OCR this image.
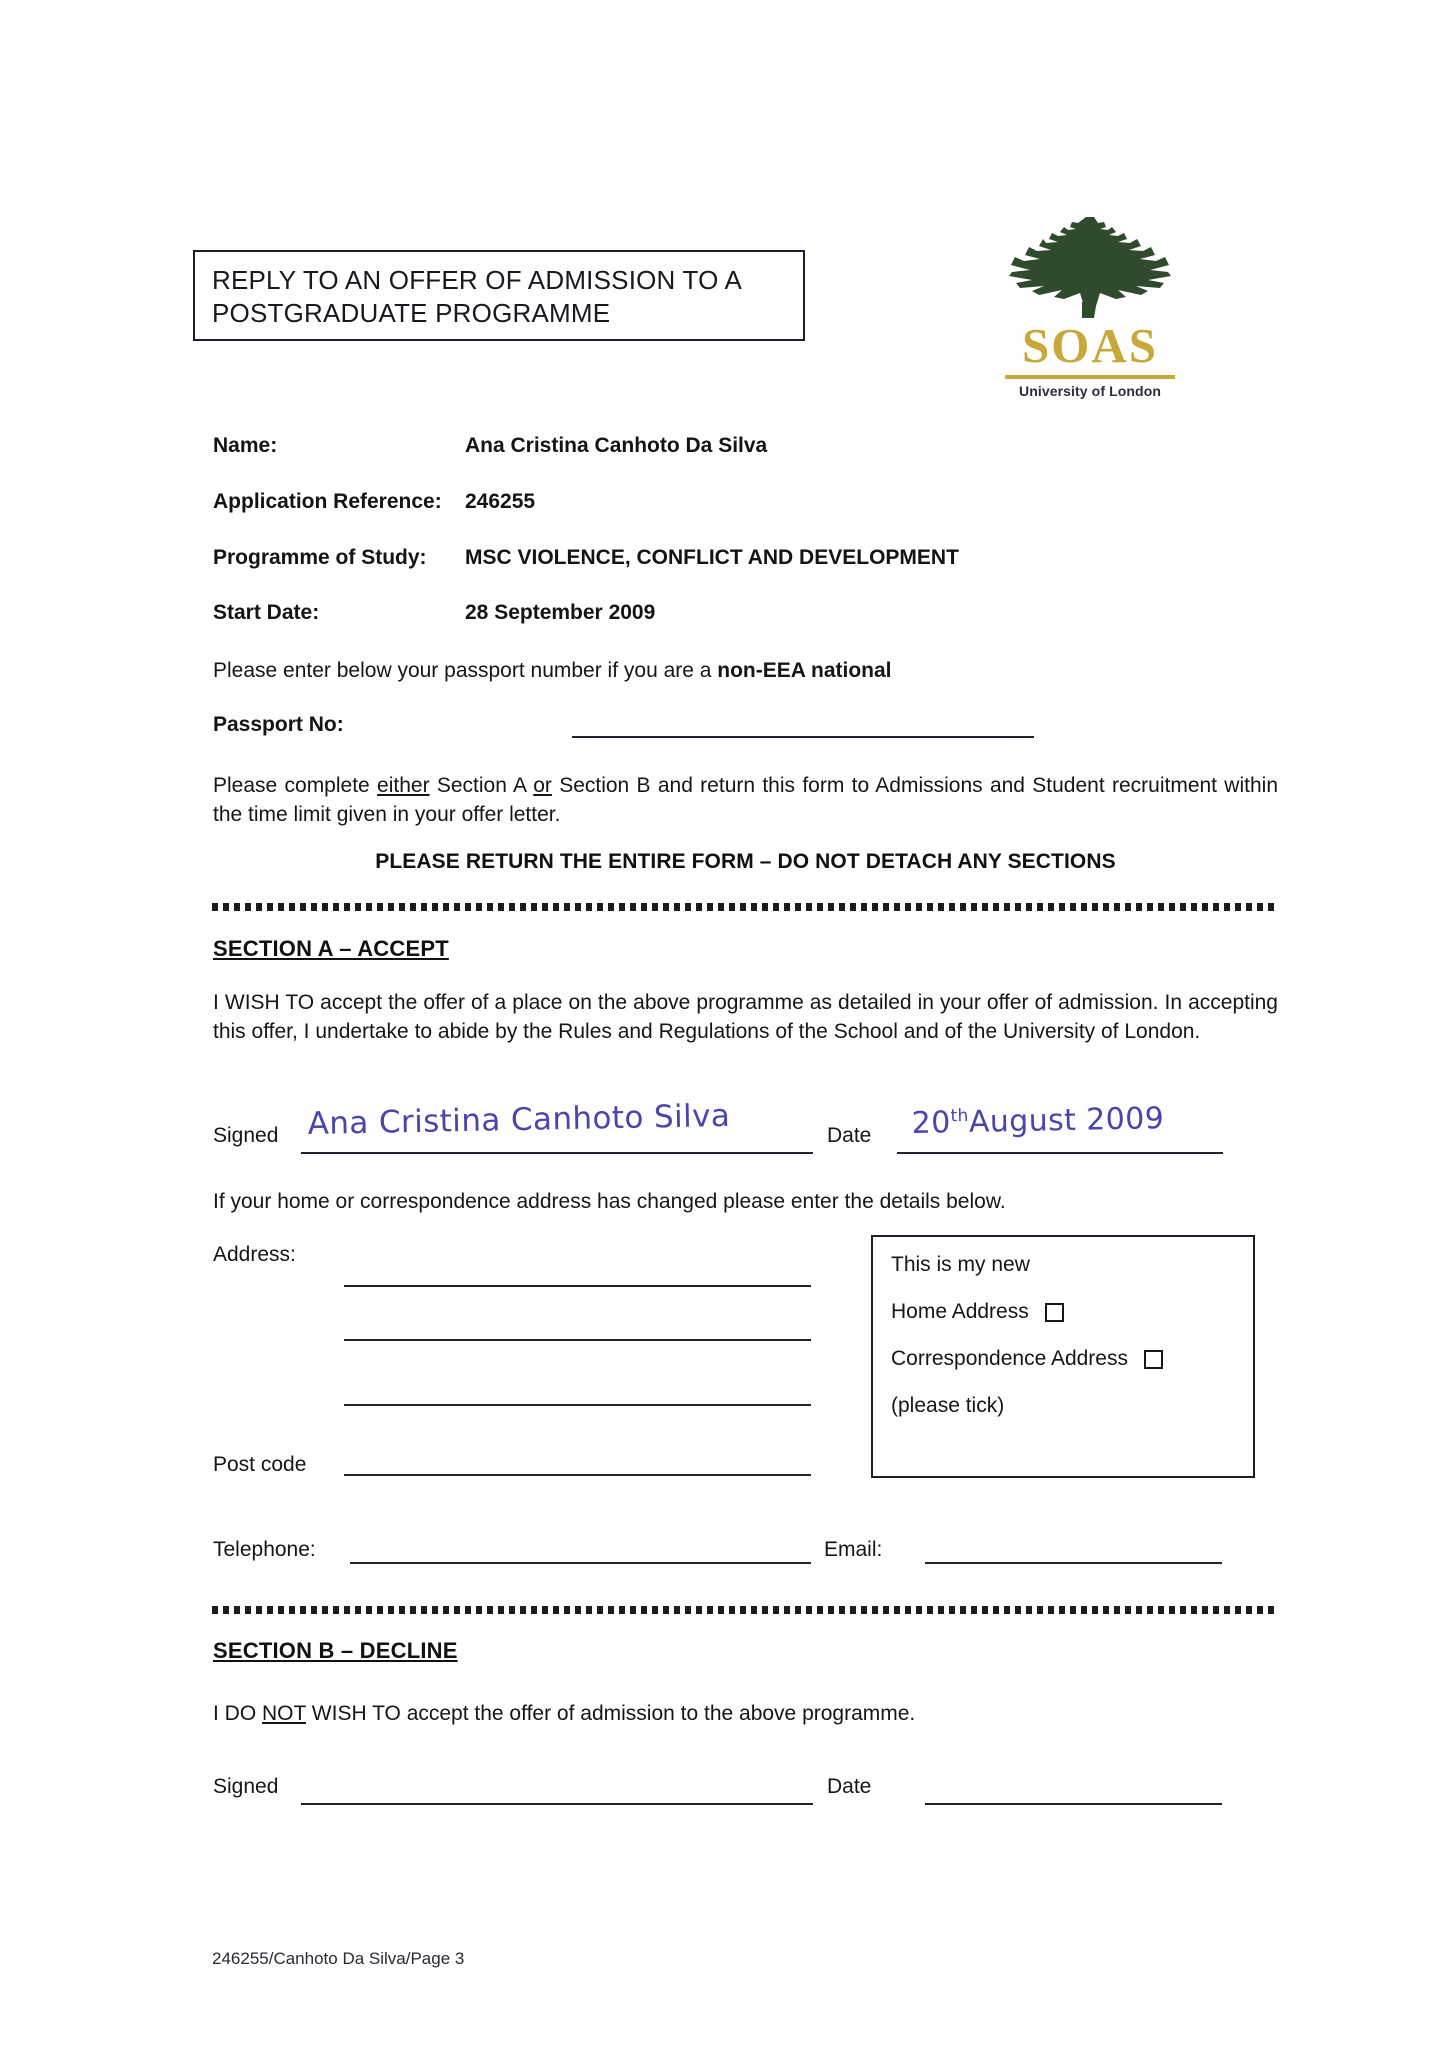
REPLY TO AN OFFER OF ADMISSION TO A
POSTGRADUATE PROGRAMME
SOAS
University of London
Name:	Ana Cristina Canhoto Da Silva
Application Reference: 246255
Programme of Study: MSC VIOLENCE, CONFLICT AND DEVELOPMENT
Start Date:	28 September 2009
Please enter below your passport number if you are a non-EEA national
Passport No:
Please complete either Section A or Section B and return this form to Admissions and Student recruitment within the time limit given in your offer letter.
PLEASE RETURN THE ENTIRE FORM – DO NOT DETACH ANY SECTIONS
SECTION A – ACCEPT
I WISH TO accept the offer of a place on the above programme as detailed in your offer of admission. In accepting this offer, I undertake to abide by the Rules and Regulations of the School and of the University of London.
Signed Ana Cristina Canhoto Silva	Date 20thAugust 2009
If your home or correspondence address has changed please enter the details below.
Address:
Post code
This is my new
Home Address
Correspondence Address
(please tick)
Telephone:	Email:
SECTION B – DECLINE
I DO NOT WISH TO accept the offer of admission to the above programme.
Signed	Date
246255/Canhoto Da Silva/Page 3
